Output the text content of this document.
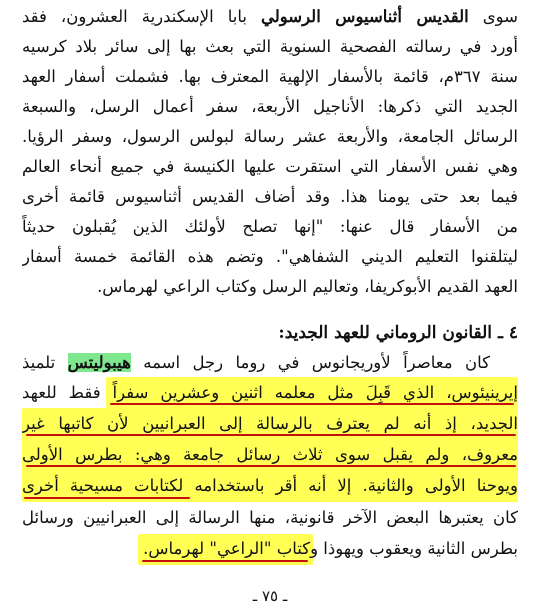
سوى القديس أثناسيوس الرسولي بابا الإسكندرية العشرون، فقد
أورد في رسالته الفصحية السنوية التي بعث بها إلى سائر بلاد كرسيه
سنة ٣٦٧م، قائمة بالأسفار الإلهية المعترف بها. فشملت أسفار العهد
الجديد التي ذكرها: الأناجيل الأربعة، سفر أعمال الرسل، والسبعة
الرسائل الجامعة، والأربعة عشر رسالة لبولس الرسول، وسفر الرؤيا.
وهي نفس الأسفار التي استقرت عليها الكنيسة في جميع أنحاء العالم
فيما بعد حتى يومنا هذا. وقد أضاف القديس أثناسيوس قائمة أخرى
من الأسفار قال عنها: "إنها تصلح لأولئك الذين يُقبلون حديثاً
ليتلقنوا التعليم الديني الشفاهي". وتضم هذه القائمة خمسة أسفار
العهد القديم الأبوكريفا، وتعاليم الرسل وكتاب الراعي لهرماس.
٤ ـ القانون الروماني للعهد الجديد:
كان معاصراً لأوريجانوس في روما رجل اسمه هيبوليتس تلميذ
إيرينيئوس، الذي قَبِلَ مثل معلمه اثنين وعشرين سفراً فقط للعهد
الجديد، إذ أنه لم يعترف بالرسالة إلى العبرانيين لأن كاتبها غير
معروف، ولم يقبل سوى ثلاث رسائل جامعة وهي: بطرس الأولى
ويوحنا الأولى والثانية. إلا أنه أقر باستخدامه لكتابات مسيحية أخرى
كان يعتبرها البعض الآخر قانونية، منها الرسالة إلى العبرانيين ورسائل
بطرس الثانية ويعقوب ويهوذا وكتاب "الراعي" لهرماس.
ـ ٧٥ ـ
